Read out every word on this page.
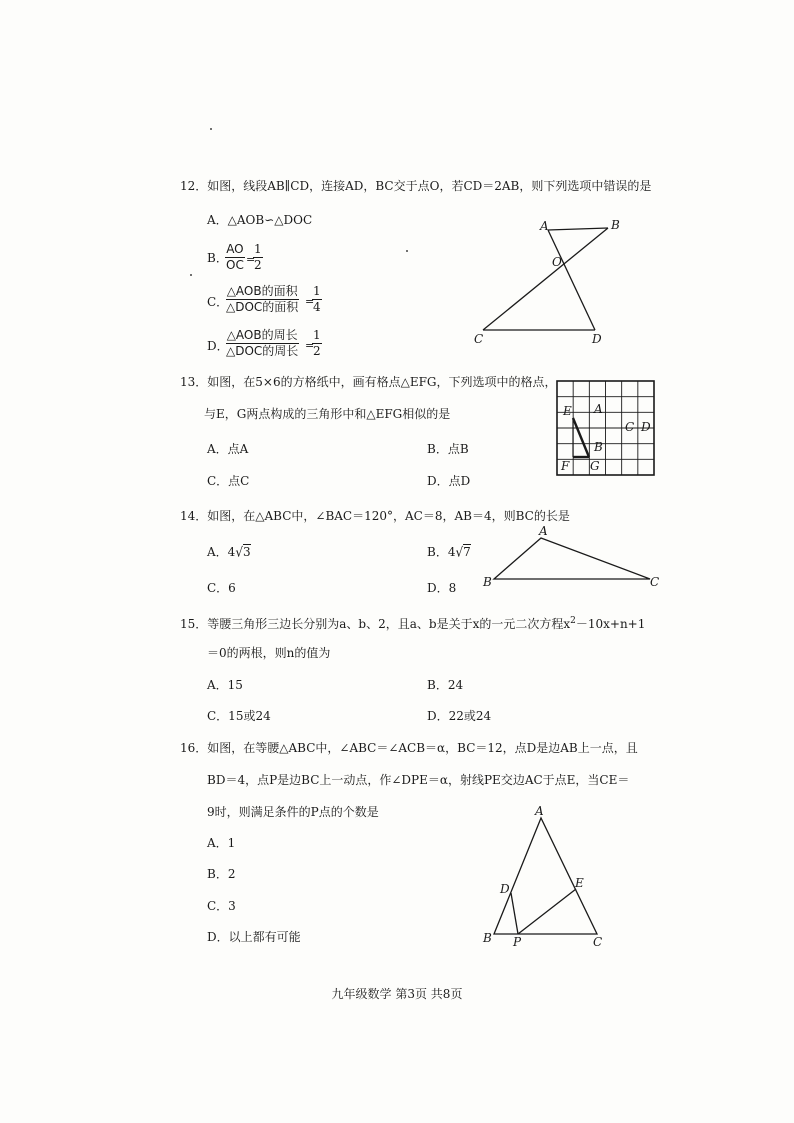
12．如图，线段AB∥CD，连接AD，BC交于点O，若CD＝2AB，则下列选项中错误的是
A．△AOB∽△DOC
B．
$\frac{AO}{OC}$ =
$\frac{1}{2}$
C．
△AOB的面积
△DOC的面积 =
$\frac{1}{4}$
D．
△AOB的周长
△DOC的周长 =
$\frac{1}{2}$
A	B
O
C	D
13．如图，在5×6的方格纸中，画有格点△EFG，下列选项中的格点，
与E，G两点构成的三角形中和△EFG相似的是
A．点A	B．点B
C．点C	D．点D
E A
C D
B
F G
14．如图，在△ABC中，∠BAC＝120°，AC＝8，AB＝4，则BC的长是
A．4√3	B．4√7
C．6	D．8
A
B	C
15．等腰三角形三边长分别为a、b、2，且a、b是关于x的一元二次方程$x^2-10x+n+1$
＝0的两根，则n的值为
A．15	B．24
C．15或24	D．22或24
16．如图，在等腰△ABC中，∠ABC＝∠ACB＝α，BC＝12，点D是边AB上一点，且
BD＝4，点P是边BC上一动点，作∠DPE＝α，射线PE交边AC于点E，当CE＝
9时，则满足条件的P点的个数是
A．1
B．2
C．3
D．以上都有可能
A
D	E
B P	C
九年级数学 第3页 共8页
